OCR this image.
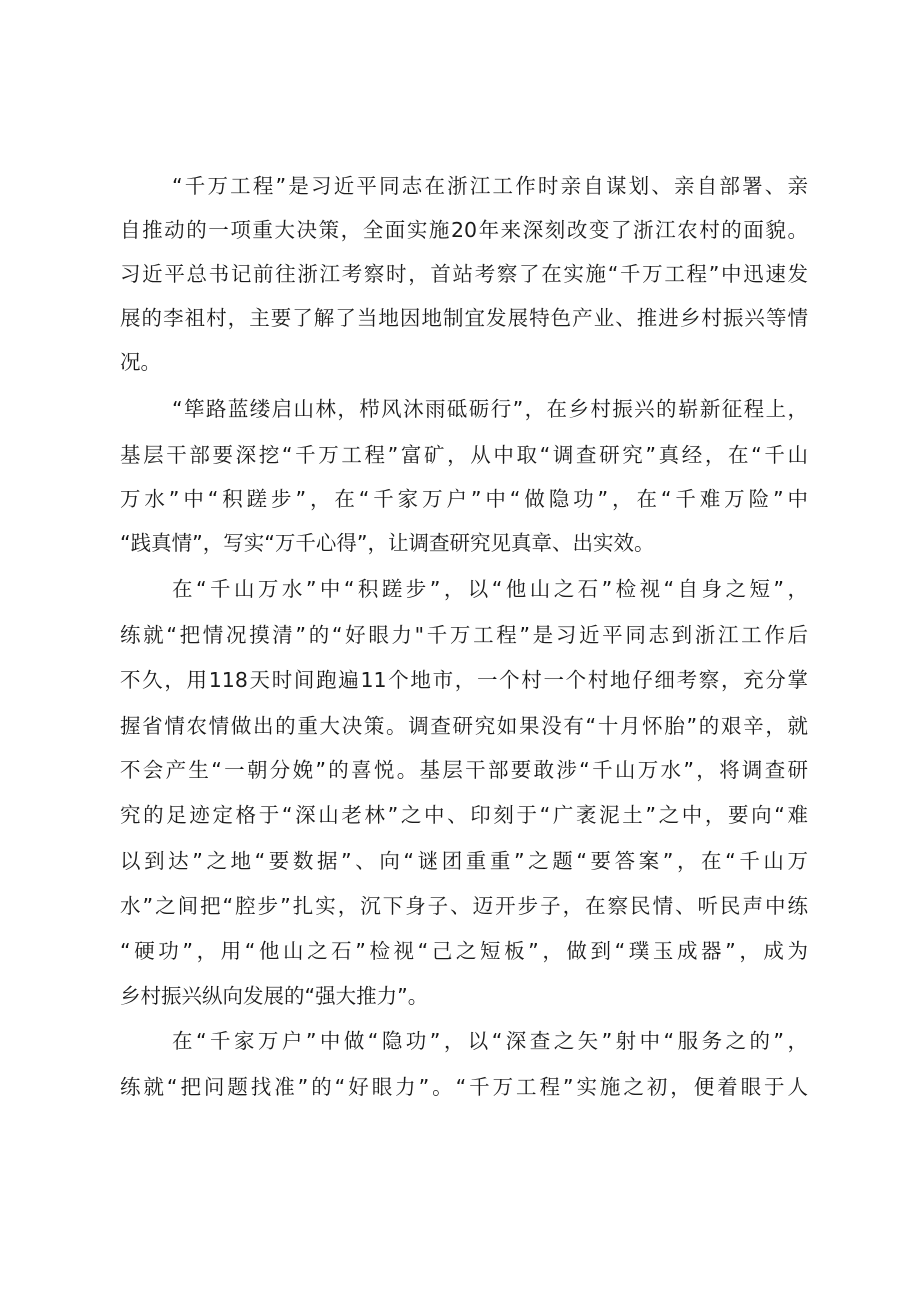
“千万工程”是习近平同志在浙江工作时亲自谋划、亲自部署、亲
自推动的一项重大决策，全面实施20年来深刻改变了浙江农村的面貌。
习近平总书记前往浙江考察时，首站考察了在实施“千万工程”中迅速发
展的李祖村，主要了解了当地因地制宜发展特色产业、推进乡村振兴等情
况。
“筚路蓝缕启山林，栉风沐雨砥砺行”，在乡村振兴的崭新征程上，
基层干部要深挖“千万工程”富矿，从中取“调查研究”真经，在“千山
万水”中“积蹉步”，在“千家万户”中“做隐功”，在“千难万险”中
“践真情”，写实“万千心得”，让调查研究见真章、出实效。
在“千山万水”中“积蹉步”，以“他山之石”检视“自身之短”，
练就“把情况摸清”的“好眼力"千万工程”是习近平同志到浙江工作后
不久，用118天时间跑遍11个地市，一个村一个村地仔细考察，充分掌
握省情农情做出的重大决策。调查研究如果没有“十月怀胎”的艰辛，就
不会产生“一朝分娩”的喜悦。基层干部要敢涉“千山万水”，将调查研
究的足迹定格于“深山老林”之中、印刻于“广袤泥土”之中，要向“难
以到达”之地“要数据”、向“谜团重重”之题“要答案”，在“千山万
水”之间把“腔步”扎实，沉下身子、迈开步子，在察民情、听民声中练
“硬功”，用“他山之石”检视“己之短板”，做到“璞玉成器”，成为
乡村振兴纵向发展的“强大推力”。
在“千家万户”中做“隐功”，以“深查之矢”射中“服务之的”，
练就“把问题找准”的“好眼力”。“千万工程”实施之初，便着眼于人
